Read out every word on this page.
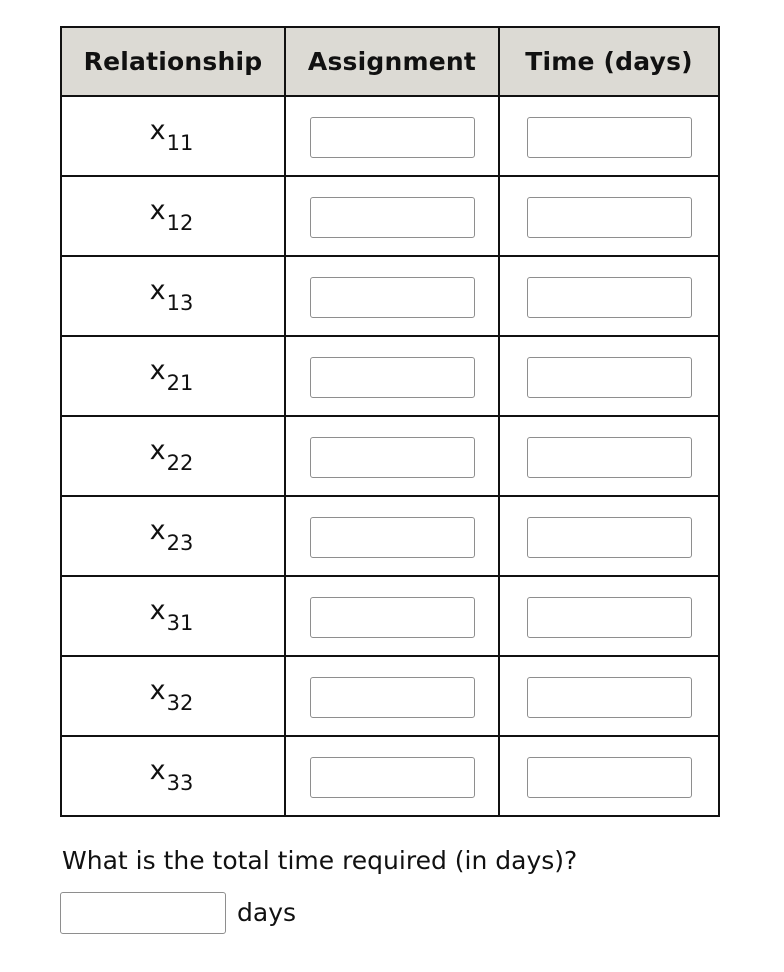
Relationship	Assignment	Time (days)
$x_{11}$		
$x_{12}$		
$x_{13}$		
$x_{21}$		
$x_{22}$		
$x_{23}$		
$x_{31}$		
$x_{32}$		
$x_{33}$		
What is the total time required (in days)?
days
